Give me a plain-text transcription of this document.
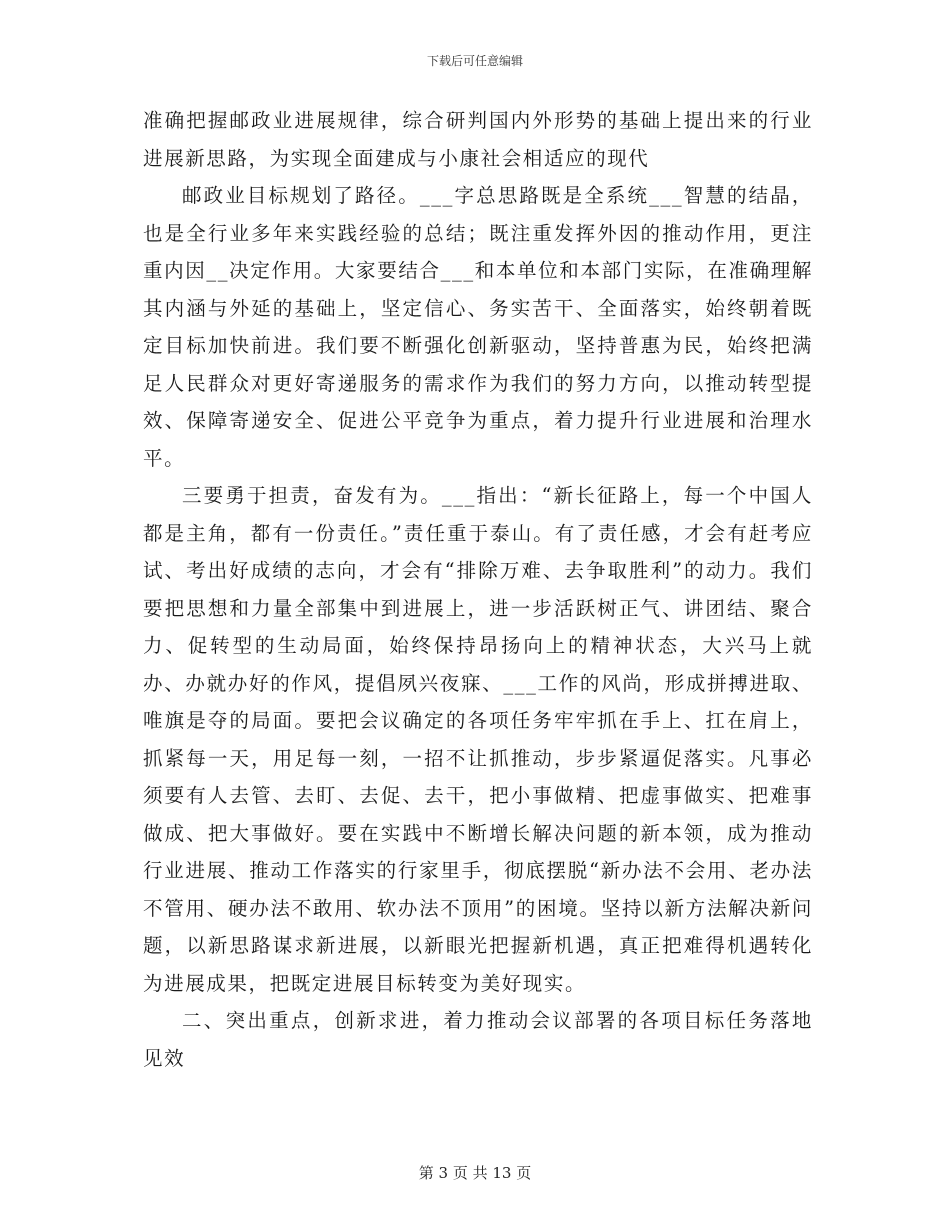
下载后可任意编辑

准确把握邮政业进展规律，综合研判国内外形势的基础上提出来的行业进展新思路，为实现全面建成与小康社会相适应的现代

邮政业目标规划了路径。___字总思路既是全系统___智慧的结晶，也是全行业多年来实践经验的总结；既注重发挥外因的推动作用，更注重内因__决定作用。大家要结合___和本单位和本部门实际，在准确理解其内涵与外延的基础上，坚定信心、务实苦干、全面落实，始终朝着既定目标加快前进。我们要不断强化创新驱动，坚持普惠为民，始终把满足人民群众对更好寄递服务的需求作为我们的努力方向，以推动转型提效、保障寄递安全、促进公平竞争为重点，着力提升行业进展和治理水平。

三要勇于担责，奋发有为。___指出：“新长征路上，每一个中国人都是主角，都有一份责任。”责任重于泰山。有了责任感，才会有赶考应试、考出好成绩的志向，才会有“排除万难、去争取胜利”的动力。我们要把思想和力量全部集中到进展上，进一步活跃树正气、讲团结、聚合力、促转型的生动局面，始终保持昂扬向上的精神状态，大兴马上就办、办就办好的作风，提倡夙兴夜寐、___工作的风尚，形成拼搏进取、唯旗是夺的局面。要把会议确定的各项任务牢牢抓在手上、扛在肩上，抓紧每一天，用足每一刻，一招不让抓推动，步步紧逼促落实。凡事必须要有人去管、去盯、去促、去干，把小事做精、把虚事做实、把难事做成、把大事做好。要在实践中不断增长解决问题的新本领，成为推动行业进展、推动工作落实的行家里手，彻底摆脱“新办法不会用、老办法不管用、硬办法不敢用、软办法不顶用”的困境。坚持以新方法解决新问题，以新思路谋求新进展，以新眼光把握新机遇，真正把难得机遇转化为进展成果，把既定进展目标转变为美好现实。

二、突出重点，创新求进，着力推动会议部署的各项目标任务落地见效

第 3 页 共 13 页
